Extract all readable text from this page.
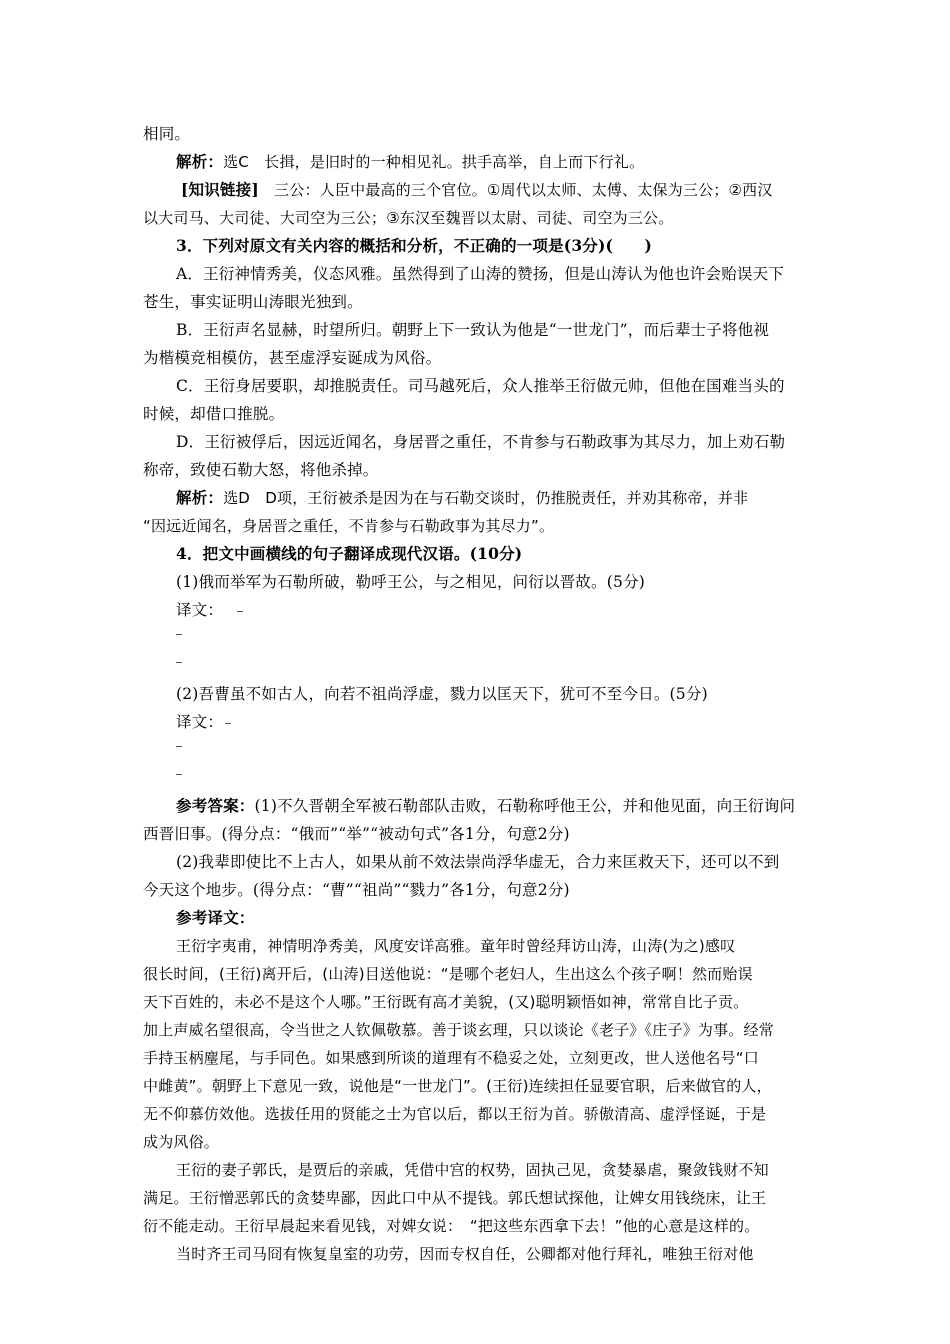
相同。
解析：选C　长揖，是旧时的一种相见礼。拱手高举，自上而下行礼。
[知识链接]　三公：人臣中最高的三个官位。①周代以太师、太傅、太保为三公；②西汉
以大司马、大司徒、大司空为三公；③东汉至魏晋以太尉、司徒、司空为三公。
3．下列对原文有关内容的概括和分析，不正确的一项是(3分)(　　)
A．王衍神情秀美，仪态风雅。虽然得到了山涛的赞扬，但是山涛认为他也许会贻误天下
苍生，事实证明山涛眼光独到。
B．王衍声名显赫，时望所归。朝野上下一致认为他是“一世龙门”，而后辈士子将他视
为楷模竞相模仿，甚至虚浮妄诞成为风俗。
C．王衍身居要职，却推脱责任。司马越死后，众人推举王衍做元帅，但他在国难当头的
时候，却借口推脱。
D．王衍被俘后，因远近闻名，身居晋之重任，不肯参与石勒政事为其尽力，加上劝石勒
称帝，致使石勒大怒，将他杀掉。
解析：选D　D项，王衍被杀是因为在与石勒交谈时，仍推脱责任，并劝其称帝，并非
“因远近闻名，身居晋之重任，不肯参与石勒政事为其尽力”。
4．把文中画横线的句子翻译成现代汉语。(10分)
(1)俄而举军为石勒所破，勒呼王公，与之相见，问衍以晋故。(5分)
译文：
(2)吾曹虽不如古人，向若不祖尚浮虚，戮力以匡天下，犹可不至今日。(5分)
译文：
参考答案：(1)不久晋朝全军被石勒部队击败，石勒称呼他王公，并和他见面，向王衍询问
西晋旧事。(得分点：“俄而”“举”“被动句式”各1分，句意2分)
(2)我辈即使比不上古人，如果从前不效法崇尚浮华虚无，合力来匡救天下，还可以不到
今天这个地步。(得分点：“曹”“祖尚”“戮力”各1分，句意2分)
参考译文：
王衍字夷甫，神情明净秀美，风度安详高雅。童年时曾经拜访山涛，山涛(为之)感叹
很长时间，(王衍)离开后，(山涛)目送他说：“是哪个老妇人，生出这么个孩子啊！然而贻误
天下百姓的，未必不是这个人哪。”王衍既有高才美貌，(又)聪明颖悟如神，常常自比子贡。
加上声威名望很高，令当世之人钦佩敬慕。善于谈玄理，只以谈论《老子》《庄子》为事。经常
手持玉柄麈尾，与手同色。如果感到所谈的道理有不稳妥之处，立刻更改，世人送他名号“口
中雌黄”。朝野上下意见一致，说他是“一世龙门”。(王衍)连续担任显要官职，后来做官的人，
无不仰慕仿效他。选拔任用的贤能之士为官以后，都以王衍为首。骄傲清高、虚浮怪诞，于是
成为风俗。
王衍的妻子郭氏，是贾后的亲戚，凭借中宫的权势，固执己见，贪婪暴虐，聚敛钱财不知
满足。王衍憎恶郭氏的贪婪卑鄙，因此口中从不提钱。郭氏想试探他，让婢女用钱绕床，让王
衍不能走动。王衍早晨起来看见钱，对婢女说：　“把这些东西拿下去！”他的心意是这样的。
当时齐王司马冏有恢复皇室的功劳，因而专权自任，公卿都对他行拜礼，唯独王衍对他
